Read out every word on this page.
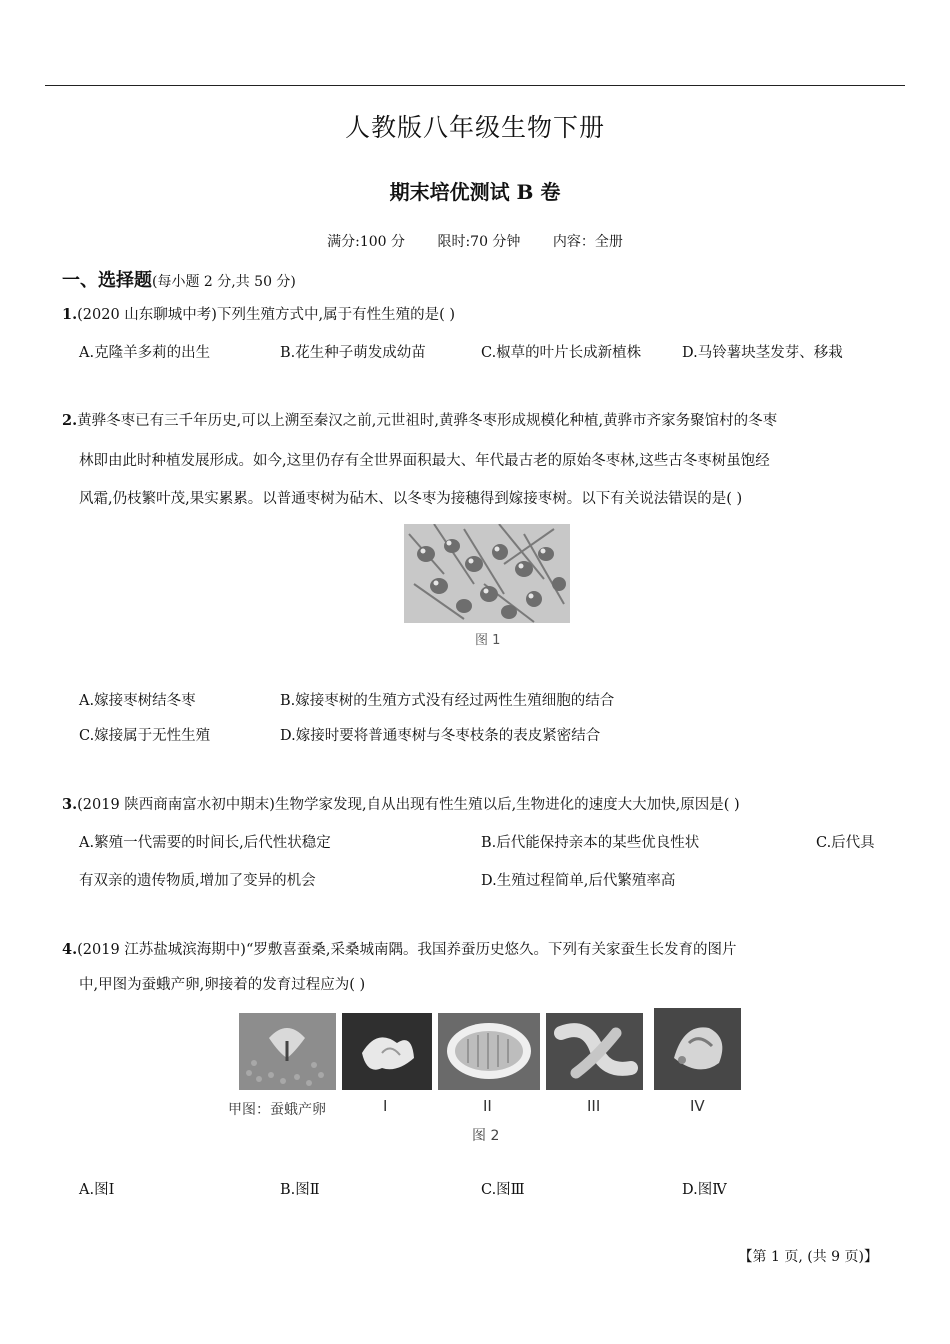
人教版八年级生物下册
期末培优测试 B 卷
满分:100 分 限时:70 分钟 内容：全册
一、选择题(每小题 2 分,共 50 分)
1.(2020 山东聊城中考)下列生殖方式中,属于有性生殖的是( )
A.克隆羊多莉的出生	B.花生种子萌发成幼苗	C.椒草的叶片长成新植株	D.马铃薯块茎发芽、移栽
2.黄骅冬枣已有三千年历史,可以上溯至秦汉之前,元世祖时,黄骅冬枣形成规模化种植,黄骅市齐家务聚馆村的冬枣
林即由此时种植发展形成。如今,这里仍存有全世界面积最大、年代最古老的原始冬枣林,这些古冬枣树虽饱经
风霜,仍枝繁叶茂,果实累累。以普通枣树为砧木、以冬枣为接穗得到嫁接枣树。以下有关说法错误的是( )
图 1
A.嫁接枣树结冬枣	B.嫁接枣树的生殖方式没有经过两性生殖细胞的结合
C.嫁接属于无性生殖	D.嫁接时要将普通枣树与冬枣枝条的表皮紧密结合
3.(2019 陕西商南富水初中期末)生物学家发现,自从出现有性生殖以后,生物进化的速度大大加快,原因是( )
A.繁殖一代需要的时间长,后代性状稳定	B.后代能保持亲本的某些优良性状	C.后代具
有双亲的遗传物质,增加了变异的机会	D.生殖过程简单,后代繁殖率高
4.(2019 江苏盐城滨海期中)“罗敷喜蚕桑,采桑城南隅。我国养蚕历史悠久。下列有关家蚕生长发育的图片
中,甲图为蚕蛾产卵,卵接着的发育过程应为( )
甲图：蚕蛾产卵	I	II	III	IV
图 2
A.图Ⅰ	B.图Ⅱ	C.图Ⅲ	D.图Ⅳ
【第 1 页, (共 9 页)】
